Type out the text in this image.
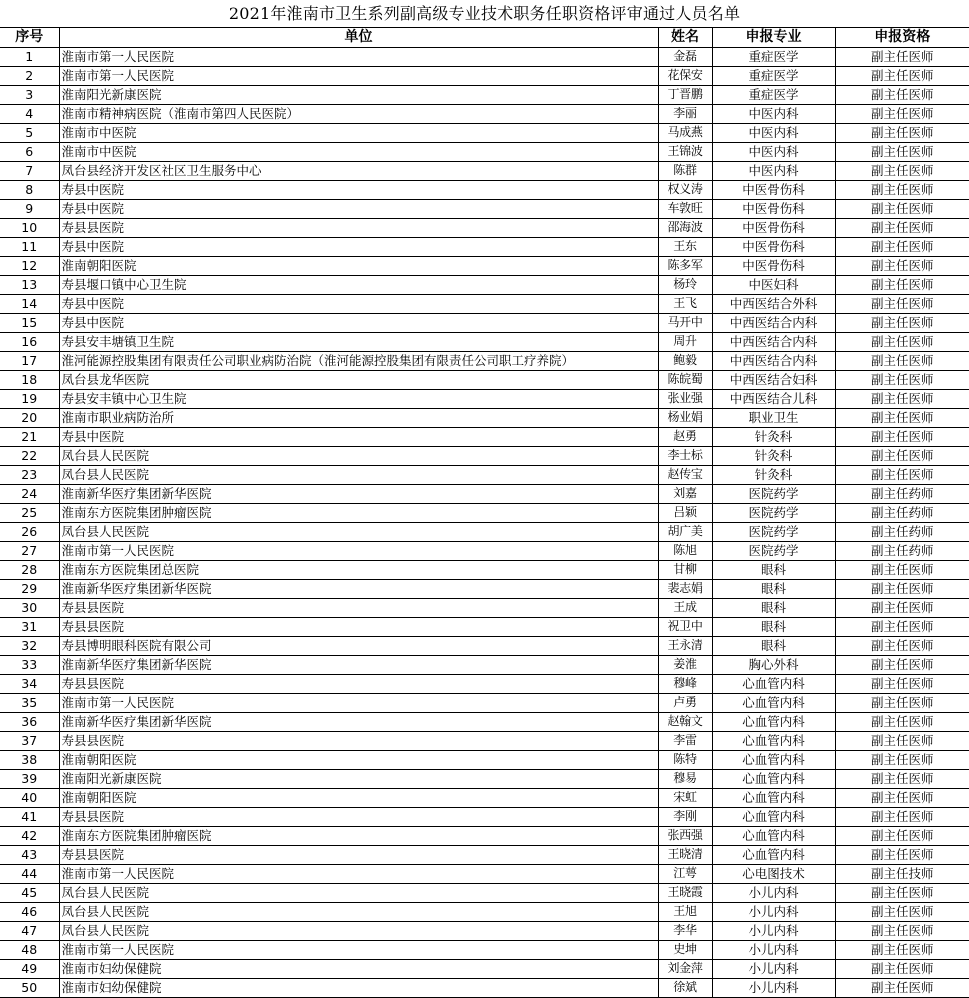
2021年淮南市卫生系列副高级专业技术职务任职资格评审通过人员名单
序号	单位	姓名	申报专业	申报资格
1	淮南市第一人民医院	金磊	重症医学	副主任医师
2	淮南市第一人民医院	花保安	重症医学	副主任医师
3	淮南阳光新康医院	丁晋鹏	重症医学	副主任医师
4	淮南市精神病医院（淮南市第四人民医院）	李丽	中医内科	副主任医师
5	淮南市中医院	马成燕	中医内科	副主任医师
6	淮南市中医院	王锦波	中医内科	副主任医师
7	凤台县经济开发区社区卫生服务中心	陈群	中医内科	副主任医师
8	寿县中医院	权义涛	中医骨伤科	副主任医师
9	寿县中医院	车敦旺	中医骨伤科	副主任医师
10	寿县县医院	邵海波	中医骨伤科	副主任医师
11	寿县中医院	王东	中医骨伤科	副主任医师
12	淮南朝阳医院	陈多军	中医骨伤科	副主任医师
13	寿县堰口镇中心卫生院	杨玲	中医妇科	副主任医师
14	寿县中医院	王飞	中西医结合外科	副主任医师
15	寿县中医院	马开中	中西医结合内科	副主任医师
16	寿县安丰塘镇卫生院	周升	中西医结合内科	副主任医师
17	淮河能源控股集团有限责任公司职业病防治院（淮河能源控股集团有限责任公司职工疗养院）	鲍毅	中西医结合内科	副主任医师
18	凤台县龙华医院	陈皖蜀	中西医结合妇科	副主任医师
19	寿县安丰镇中心卫生院	张业强	中西医结合儿科	副主任医师
20	淮南市职业病防治所	杨业娟	职业卫生	副主任医师
21	寿县中医院	赵勇	针灸科	副主任医师
22	凤台县人民医院	李士标	针灸科	副主任医师
23	凤台县人民医院	赵传宝	针灸科	副主任医师
24	淮南新华医疗集团新华医院	刘嘉	医院药学	副主任药师
25	淮南东方医院集团肿瘤医院	吕颖	医院药学	副主任药师
26	凤台县人民医院	胡广美	医院药学	副主任药师
27	淮南市第一人民医院	陈旭	医院药学	副主任药师
28	淮南东方医院集团总医院	甘柳	眼科	副主任医师
29	淮南新华医疗集团新华医院	裴志娟	眼科	副主任医师
30	寿县县医院	王成	眼科	副主任医师
31	寿县县医院	祝卫中	眼科	副主任医师
32	寿县博明眼科医院有限公司	王永清	眼科	副主任医师
33	淮南新华医疗集团新华医院	姜淮	胸心外科	副主任医师
34	寿县县医院	穆峰	心血管内科	副主任医师
35	淮南市第一人民医院	卢勇	心血管内科	副主任医师
36	淮南新华医疗集团新华医院	赵翰文	心血管内科	副主任医师
37	寿县县医院	李雷	心血管内科	副主任医师
38	淮南朝阳医院	陈特	心血管内科	副主任医师
39	淮南阳光新康医院	穆易	心血管内科	副主任医师
40	淮南朝阳医院	宋虹	心血管内科	副主任医师
41	寿县县医院	李刚	心血管内科	副主任医师
42	淮南东方医院集团肿瘤医院	张西强	心血管内科	副主任医师
43	寿县县医院	王晓清	心血管内科	副主任医师
44	淮南市第一人民医院	江萼	心电图技术	副主任技师
45	凤台县人民医院	王晓霞	小儿内科	副主任医师
46	凤台县人民医院	王旭	小儿内科	副主任医师
47	凤台县人民医院	李华	小儿内科	副主任医师
48	淮南市第一人民医院	史坤	小儿内科	副主任医师
49	淮南市妇幼保健院	刘金萍	小儿内科	副主任医师
50	淮南市妇幼保健院	徐斌	小儿内科	副主任医师
